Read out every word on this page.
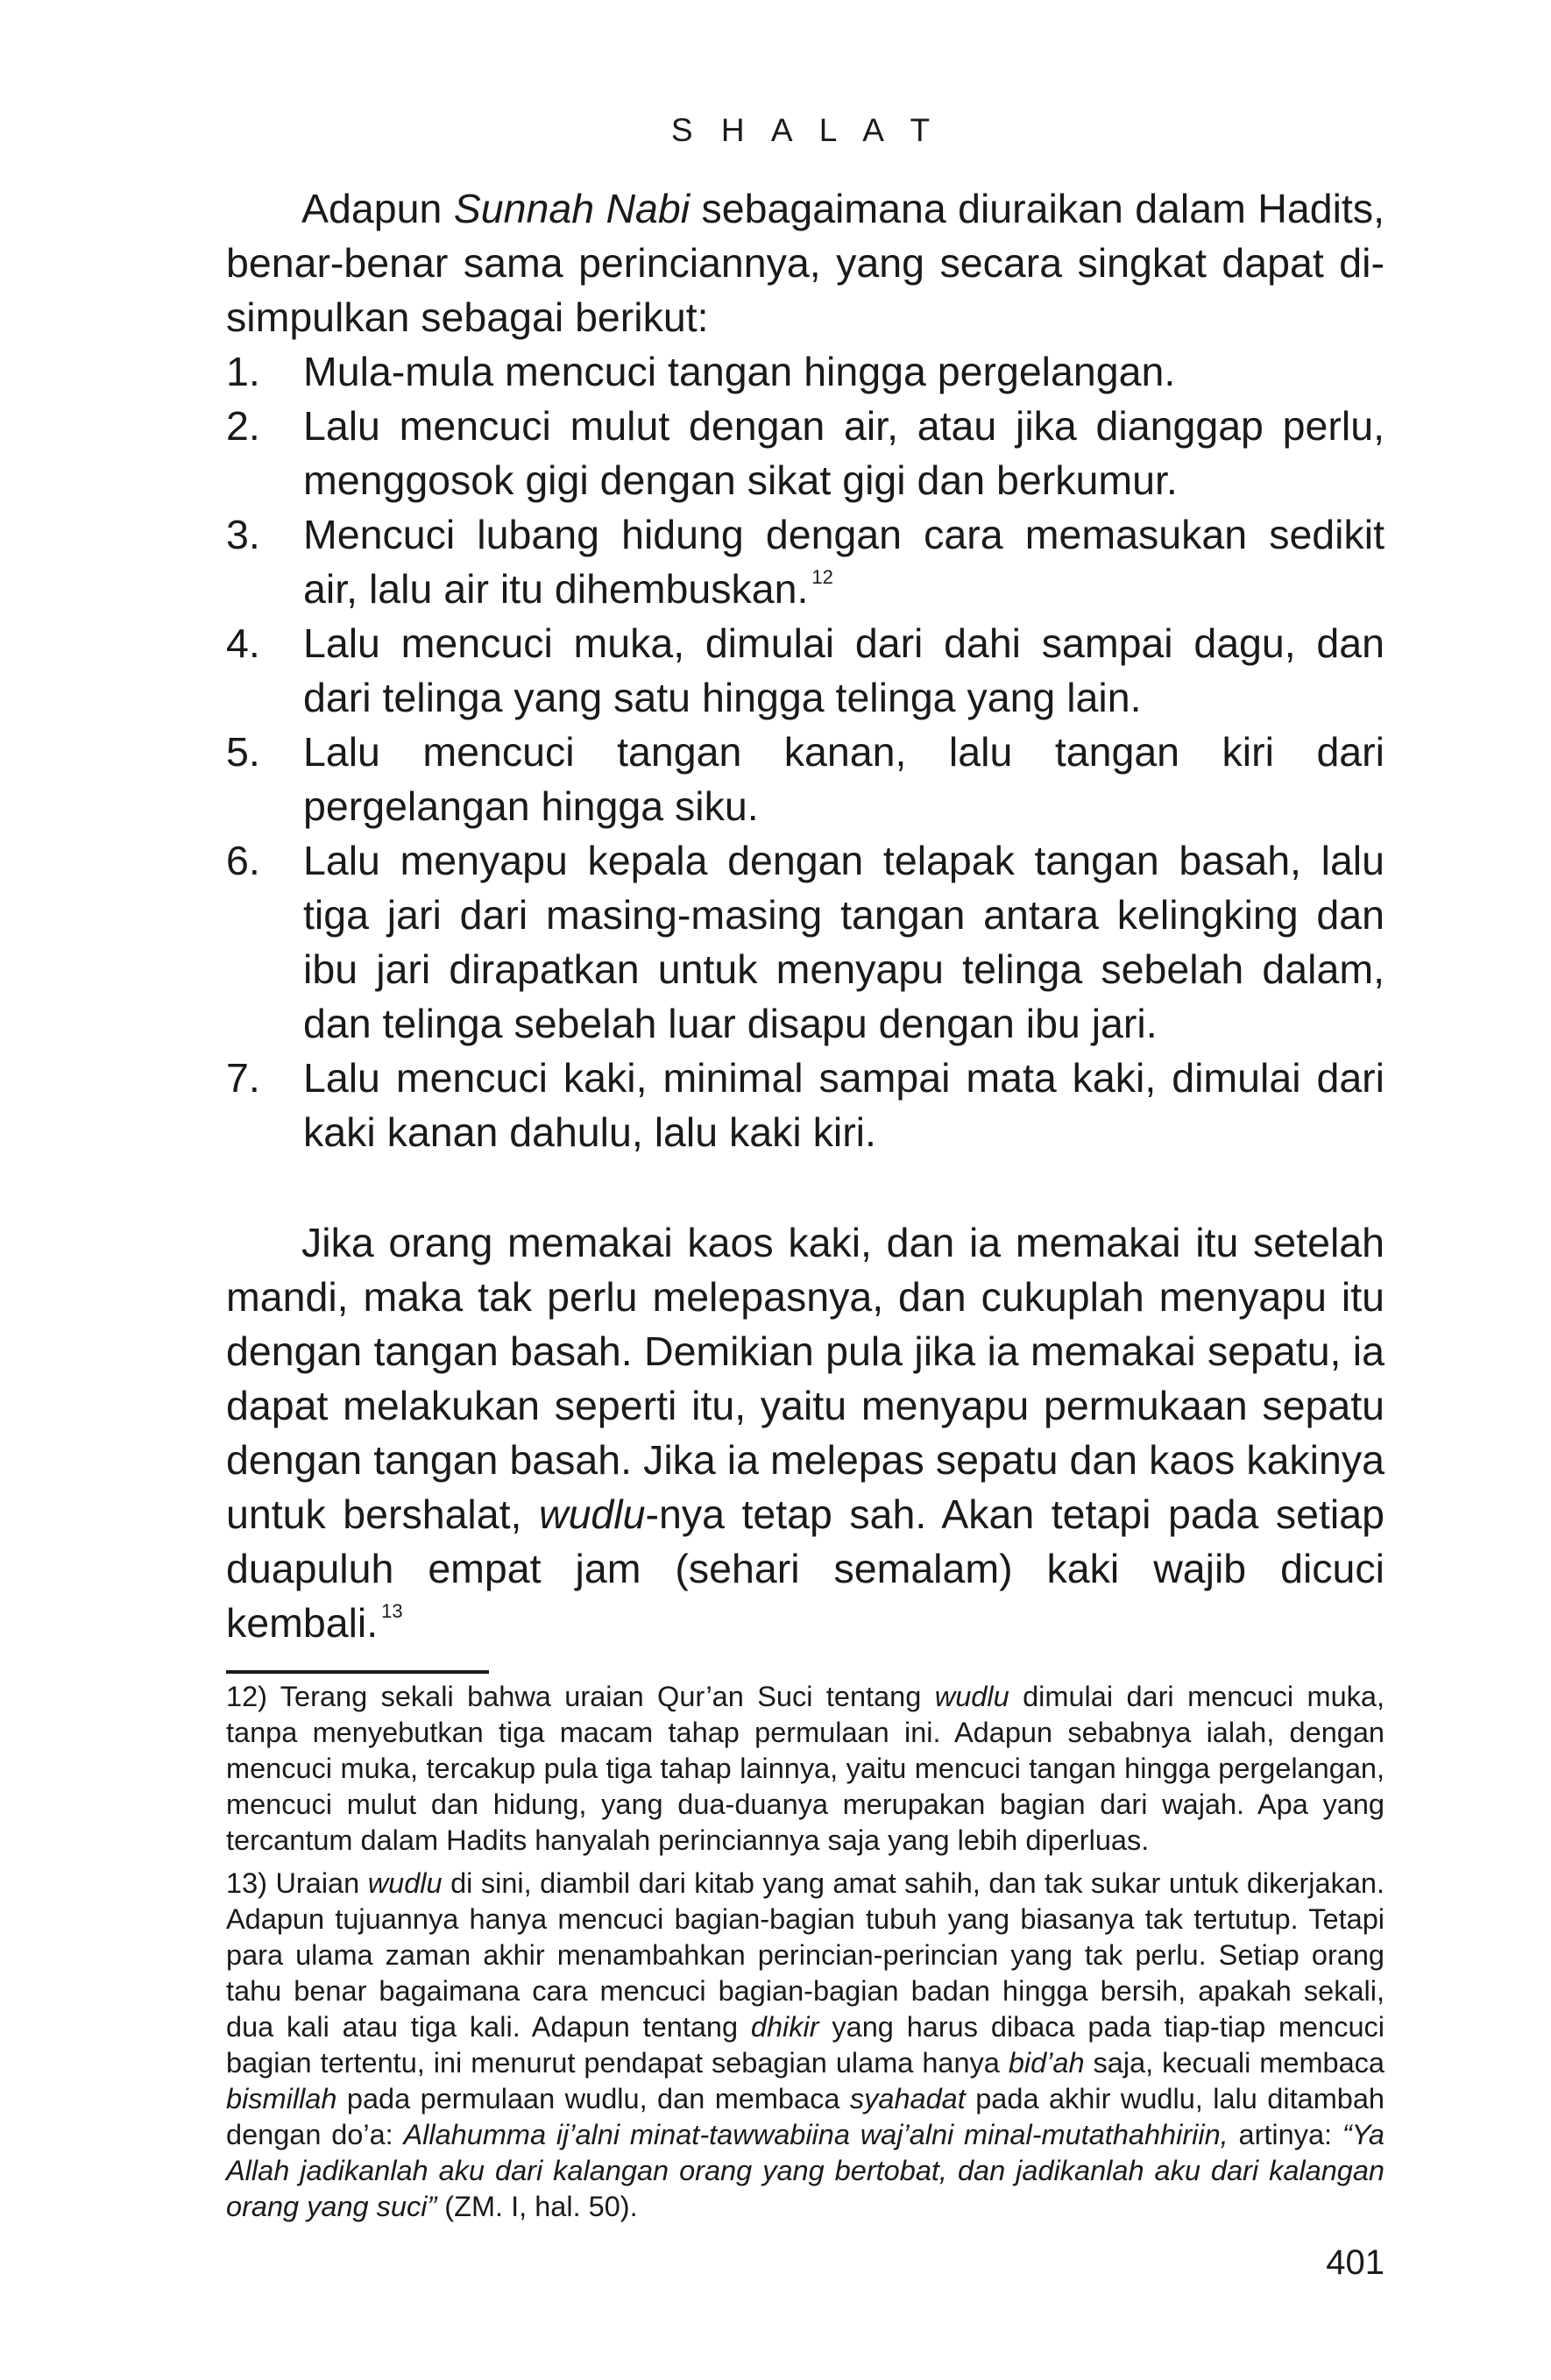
S H A L A T

Adapun Sunnah Nabi sebagaimana diuraikan dalam Hadits, benar-benar sama perinciannya, yang secara singkat dapat disimpulkan sebagai berikut:

1.	Mula-mula mencuci tangan hingga pergelangan.
2.	Lalu mencuci mulut dengan air, atau jika dianggap perlu, menggosok gigi dengan sikat gigi dan berkumur.
3.	Mencuci lubang hidung dengan cara memasukan sedikit air, lalu air itu dihembuskan. $^{12}$
4.	Lalu mencuci muka, dimulai dari dahi sampai dagu, dan dari telinga yang satu hingga telinga yang lain.
5.	Lalu mencuci tangan kanan, lalu tangan kiri dari pergelangan hingga siku.
6.	Lalu menyapu kepala dengan telapak tangan basah, lalu tiga jari dari masing-masing tangan antara kelingking dan ibu jari dirapatkan untuk menyapu telinga sebelah dalam, dan telinga sebelah luar disapu dengan ibu jari.
7.	Lalu mencuci kaki, minimal sampai mata kaki, dimulai dari kaki kanan dahulu, lalu kaki kiri.

Jika orang memakai kaos kaki, dan ia memakai itu setelah mandi, maka tak perlu melepasnya, dan cukuplah menyapu itu dengan tangan basah. Demikian pula jika ia memakai sepatu, ia dapat melakukan seperti itu, yaitu menyapu permukaan sepatu dengan tangan basah. Jika ia melepas sepatu dan kaos kakinya untuk bershalat, wudlu-nya tetap sah. Akan tetapi pada setiap duapuluh empat jam (sehari semalam) kaki wajib dicuci kembali. $^{13}$

12) Terang sekali bahwa uraian Qur’an Suci tentang wudlu dimulai dari mencuci muka, tanpa menyebutkan tiga macam tahap permulaan ini. Adapun sebabnya ialah, dengan mencuci muka, tercakup pula tiga tahap lainnya, yaitu mencuci tangan hingga pergelangan, mencuci mulut dan hidung, yang dua-duanya merupakan bagian dari wajah. Apa yang tercantum dalam Hadits hanyalah perinciannya saja yang lebih diperluas.

13) Uraian wudlu di sini, diambil dari kitab yang amat sahih, dan tak sukar untuk dikerjakan. Adapun tujuannya hanya mencuci bagian-bagian tubuh yang biasanya tak tertutup. Tetapi para ulama zaman akhir menambahkan perincian-perincian yang tak perlu. Setiap orang tahu benar bagaimana cara mencuci bagian-bagian badan hingga bersih, apakah sekali, dua kali atau tiga kali. Adapun tentang dhikir yang harus dibaca pada tiap-tiap mencuci bagian tertentu, ini menurut pendapat sebagian ulama hanya bid’ah saja, kecuali membaca bismillah pada permulaan wudlu, dan membaca syahadat pada akhir wudlu, lalu ditambah dengan do’a: Allahumma ij’alni minat-tawwabiina waj’alni minal-mutathahhiriin, artinya: “Ya Allah jadikanlah aku dari kalangan orang yang bertobat, dan jadikanlah aku dari kalangan orang yang suci” (ZM. I, hal. 50).

401
